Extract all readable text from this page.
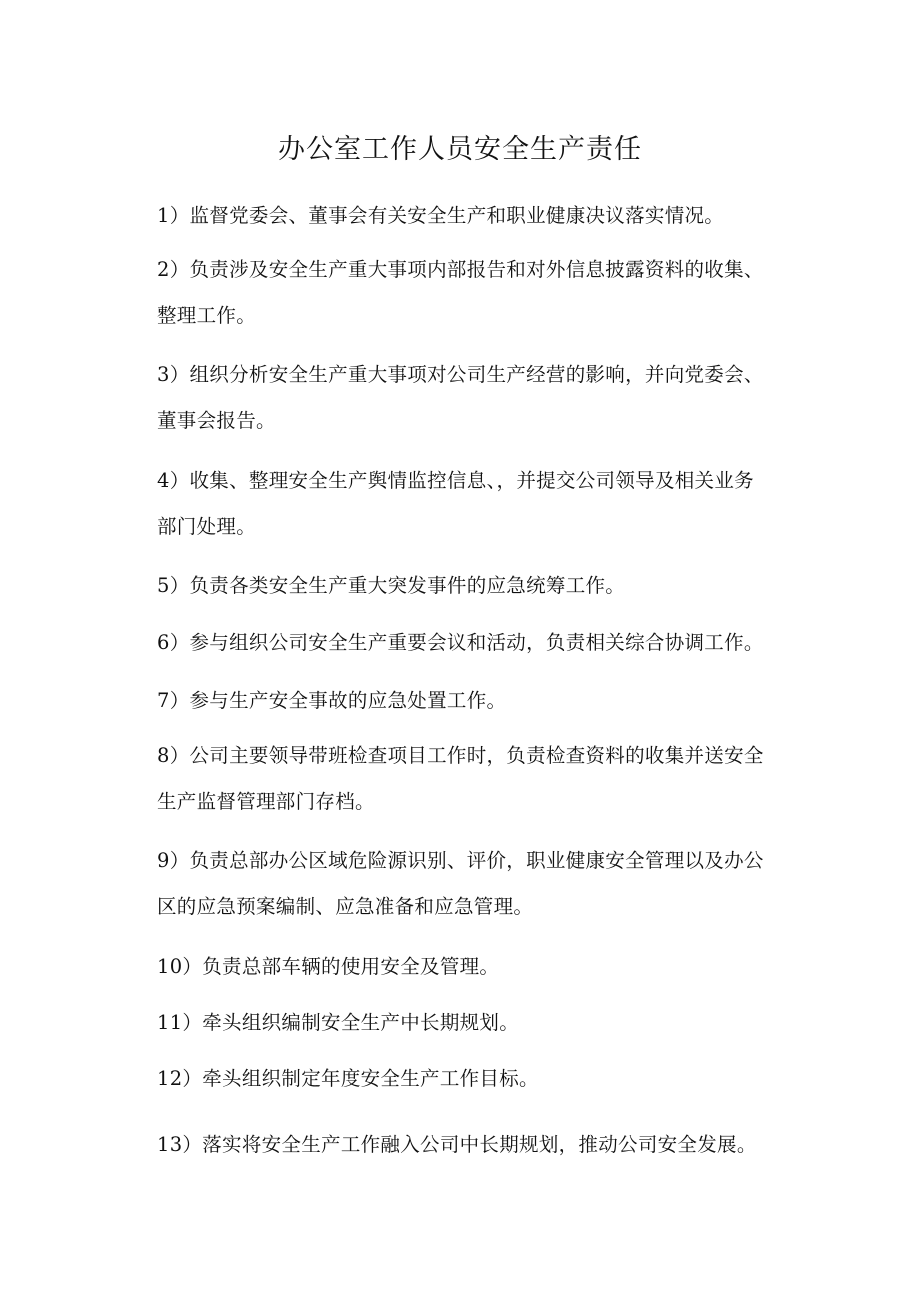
办公室工作人员安全生产责任
1）监督党委会、董事会有关安全生产和职业健康决议落实情况。
2）负责涉及安全生产重大事项内部报告和对外信息披露资料的收集、
整理工作。
3）组织分析安全生产重大事项对公司生产经营的影响，并向党委会、
董事会报告。
4）收集、整理安全生产舆情监控信息、，并提交公司领导及相关业务
部门处理。
5）负责各类安全生产重大突发事件的应急统筹工作。
6）参与组织公司安全生产重要会议和活动，负责相关综合协调工作。
7）参与生产安全事故的应急处置工作。
8）公司主要领导带班检查项目工作时，负责检查资料的收集并送安全
生产监督管理部门存档。
9）负责总部办公区域危险源识别、评价，职业健康安全管理以及办公
区的应急预案编制、应急准备和应急管理。
10）负责总部车辆的使用安全及管理。
11）牵头组织编制安全生产中长期规划。
12）牵头组织制定年度安全生产工作目标。
13）落实将安全生产工作融入公司中长期规划，推动公司安全发展。
